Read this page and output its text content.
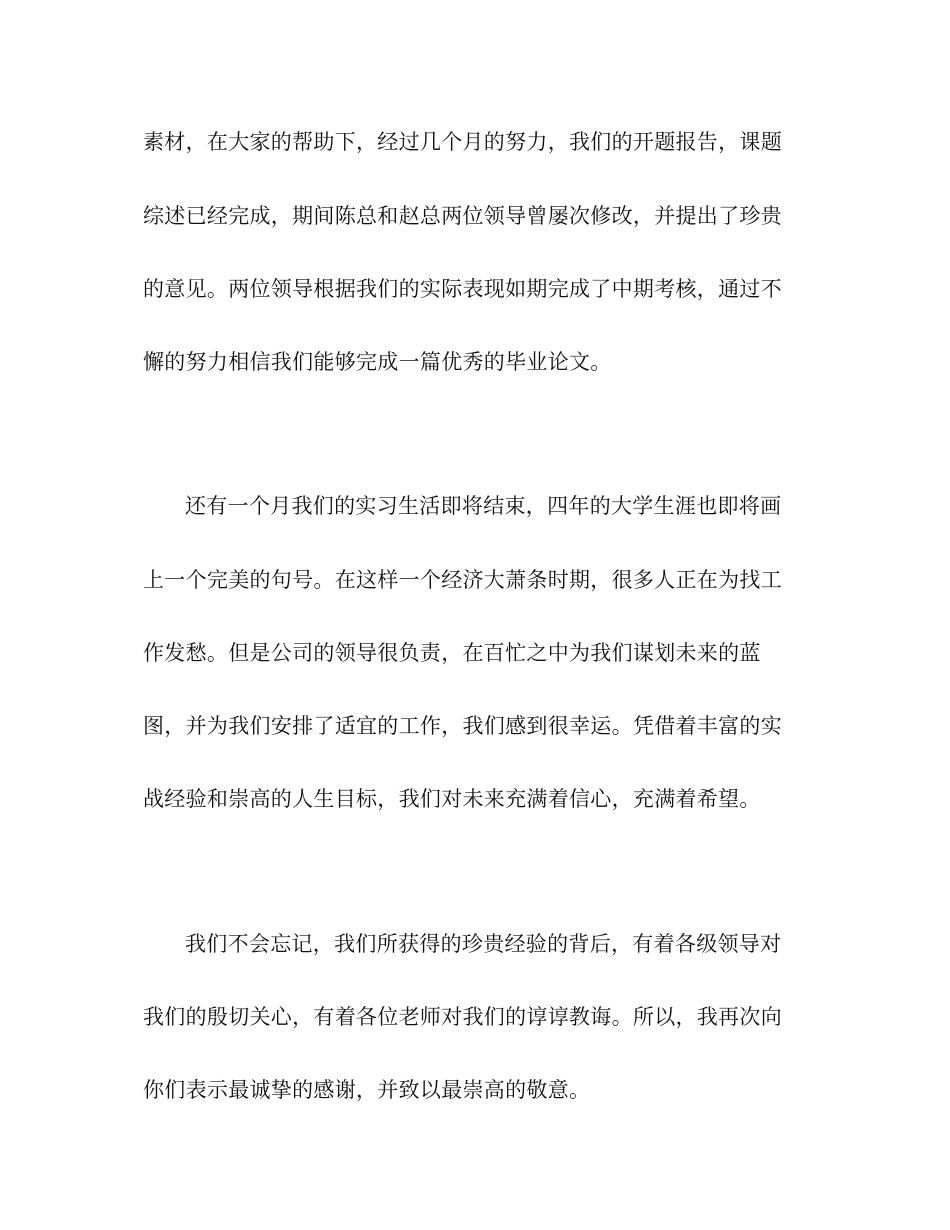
素材，在大家的帮助下，经过几个月的努力，我们的开题报告，课题
综述已经完成，期间陈总和赵总两位领导曾屡次修改，并提出了珍贵
的意见。两位领导根据我们的实际表现如期完成了中期考核，通过不
懈的努力相信我们能够完成一篇优秀的毕业论文。
还有一个月我们的实习生活即将结束，四年的大学生涯也即将画
上一个完美的句号。在这样一个经济大萧条时期，很多人正在为找工
作发愁。但是公司的领导很负责，在百忙之中为我们谋划未来的蓝
图，并为我们安排了适宜的工作，我们感到很幸运。凭借着丰富的实
战经验和崇高的人生目标，我们对未来充满着信心，充满着希望。
我们不会忘记，我们所获得的珍贵经验的背后，有着各级领导对
我们的殷切关心，有着各位老师对我们的谆谆教诲。所以，我再次向
你们表示最诚挚的感谢，并致以最崇高的敬意。
